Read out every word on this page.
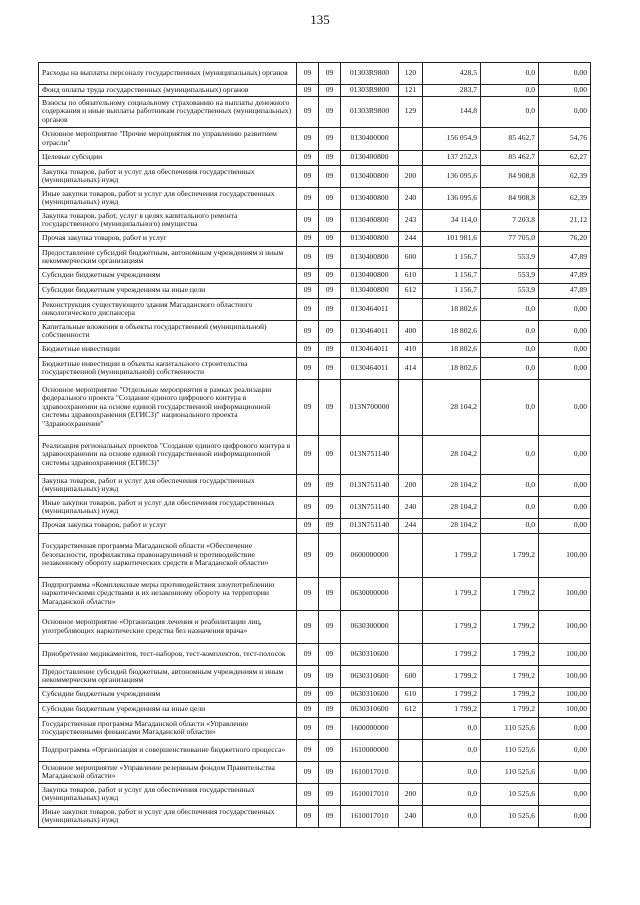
135
Расходы на выплаты персоналу государственных (муниципальных) органов	09	09	01303R9800	120	428,5	0,0	0,00
Фонд оплаты труда государственных (муниципальных) органов	09	09	01303R9800	121	283,7	0,0	0,00
Взносы по обязательному социальному страхованию на выплаты денежного содержания и иные выплаты работникам государственных (муниципальных) органов	09	09	01303R9800	129	144,8	0,0	0,00
Основное мероприятие "Прочие мероприятия по управлению развитием отрасли"	09	09	0130400000		156 054,9	85 462,7	54,76
Целевые субсидии	09	09	0130400800		137 252,3	85 462,7	62,27
Закупка товаров, работ и услуг для обеспечения государственных (муниципальных) нужд	09	09	0130400800	200	136 095,6	84 908,8	62,39
Иные закупки товаров, работ и услуг для обеспечения государственных (муниципальных) нужд	09	09	0130400800	240	136 095,6	84 908,8	62,39
Закупка товаров, работ, услуг в целях капитального ремонта государственного (муниципального) имущества	09	09	0130400800	243	34 114,0	7 203,8	21,12
Прочая закупка товаров, работ и услуг	09	09	0130400800	244	101 981,6	77 705,0	76,20
Предоставление субсидий бюджетным, автономным учреждениям и иным некоммерческим организациям	09	09	0130400800	600	1 156,7	553,9	47,89
Субсидии бюджетным учреждениям	09	09	0130400800	610	1 156,7	553,9	47,89
Субсидии бюджетным учреждениям на иные цели	09	09	0130400800	612	1 156,7	553,9	47,89
Реконструкция существующего здания Магаданского областного онкологического диспансера	09	09	0130464011		18 802,6	0,0	0,00
Капитальные вложения в объекты государственной (муниципальной) собственности	09	09	0130464011	400	18 802,6	0,0	0,00
Бюджетные инвестиции	09	09	0130464011	410	18 802,6	0,0	0,00
Бюджетные инвестиции в объекты капитального строительства государственной (муниципальной) собственности	09	09	0130464011	414	18 802,6	0,0	0,00
Основное мероприятие "Отдельные мероприятия в рамках реализации федерального проекта "Создание единого цифрового контура в здравоохранении на основе единой государственной информационной системы здравоохранения (ЕГИСЗ)" национального проекта "Здравоохранение"	09	09	013N700000		28 104,2	0,0	0,00
Реализация региональных проектов "Создание единого цифрового контура в здравоохранении на основе единой государственной информационной системы здравоохранения (ЕГИСЗ)"	09	09	013N751140		28 104,2	0,0	0,00
Закупка товаров, работ и услуг для обеспечения государственных (муниципальных) нужд	09	09	013N751140	200	28 104,2	0,0	0,00
Иные закупки товаров, работ и услуг для обеспечения государственных (муниципальных) нужд	09	09	013N751140	240	28 104,2	0,0	0,00
Прочая закупка товаров, работ и услуг	09	09	013N751140	244	28 104,2	0,0	0,00
Государственная программа Магаданской области «Обеспечение безопасности, профилактика правонарушений и противодействие незаконному обороту наркотических средств в Магаданской области»	09	09	0600000000		1 799,2	1 799,2	100,00
Подпрограмма «Комплексные меры противодействия злоупотреблению наркотическими средствами и их незаконному обороту на территории Магаданской области»	09	09	0630000000		1 799,2	1 799,2	100,00
Основное мероприятие «Организация лечения и реабилитации лиц, употребляющих наркотические средства без назначения врача»	09	09	0630300000		1 799,2	1 799,2	100,00
Приобретение медикаментов, тест-наборов, тест-комплектов, тест-полосок	09	09	0630310600		1 799,2	1 799,2	100,00
Предоставление субсидий бюджетным, автономным учреждениям и иным некоммерческим организациям	09	09	0630310600	600	1 799,2	1 799,2	100,00
Субсидии бюджетным учреждениям	09	09	0630310600	610	1 799,2	1 799,2	100,00
Субсидии бюджетным учреждениям на иные цели	09	09	0630310600	612	1 799,2	1 799,2	100,00
Государственная программа Магаданской области «Управление государственными финансами Магаданской области»	09	09	1600000000		0,0	110 525,6	0,00
Подпрограмма «Организация и совершенствование бюджетного процесса»	09	09	1610000000		0,0	110 525,6	0,00
Основное мероприятие «Управление резервным фондом Правительства Магаданской области»	09	09	1610017010		0,0	110 525,6	0,00
Закупка товаров, работ и услуг для обеспечения государственных (муниципальных) нужд	09	09	1610017010	200	0,0	10 525,6	0,00
Иные закупки товаров, работ и услуг для обеспечения государственных (муниципальных) нужд	09	09	1610017010	240	0,0	10 525,6	0,00
